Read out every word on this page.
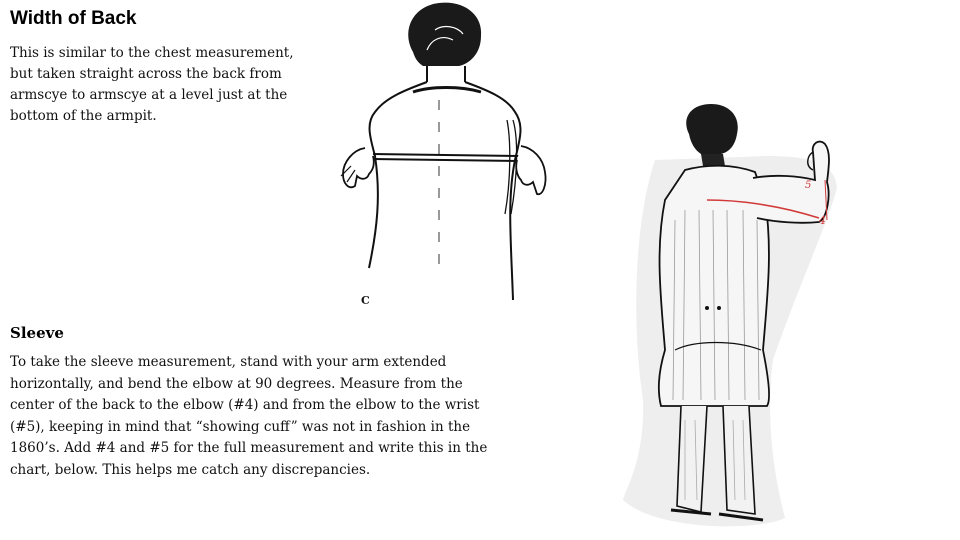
Width of Back

This is similar to the chest measurement, but taken straight across the back from armscye to armscye at a level just at the bottom of the armpit.

C
Sleeve

To take the sleeve measurement, stand with your arm extended horizontally, and bend the elbow at 90 degrees. Measure from the center of the back to the elbow (#4) and from the elbow to the wrist (#5), keeping in mind that “showing cuff” was not in fashion in the 1860’s. Add #4 and #5 for the full measurement and write this in the chart, below. This helps me catch any discrepancies.

5
4
